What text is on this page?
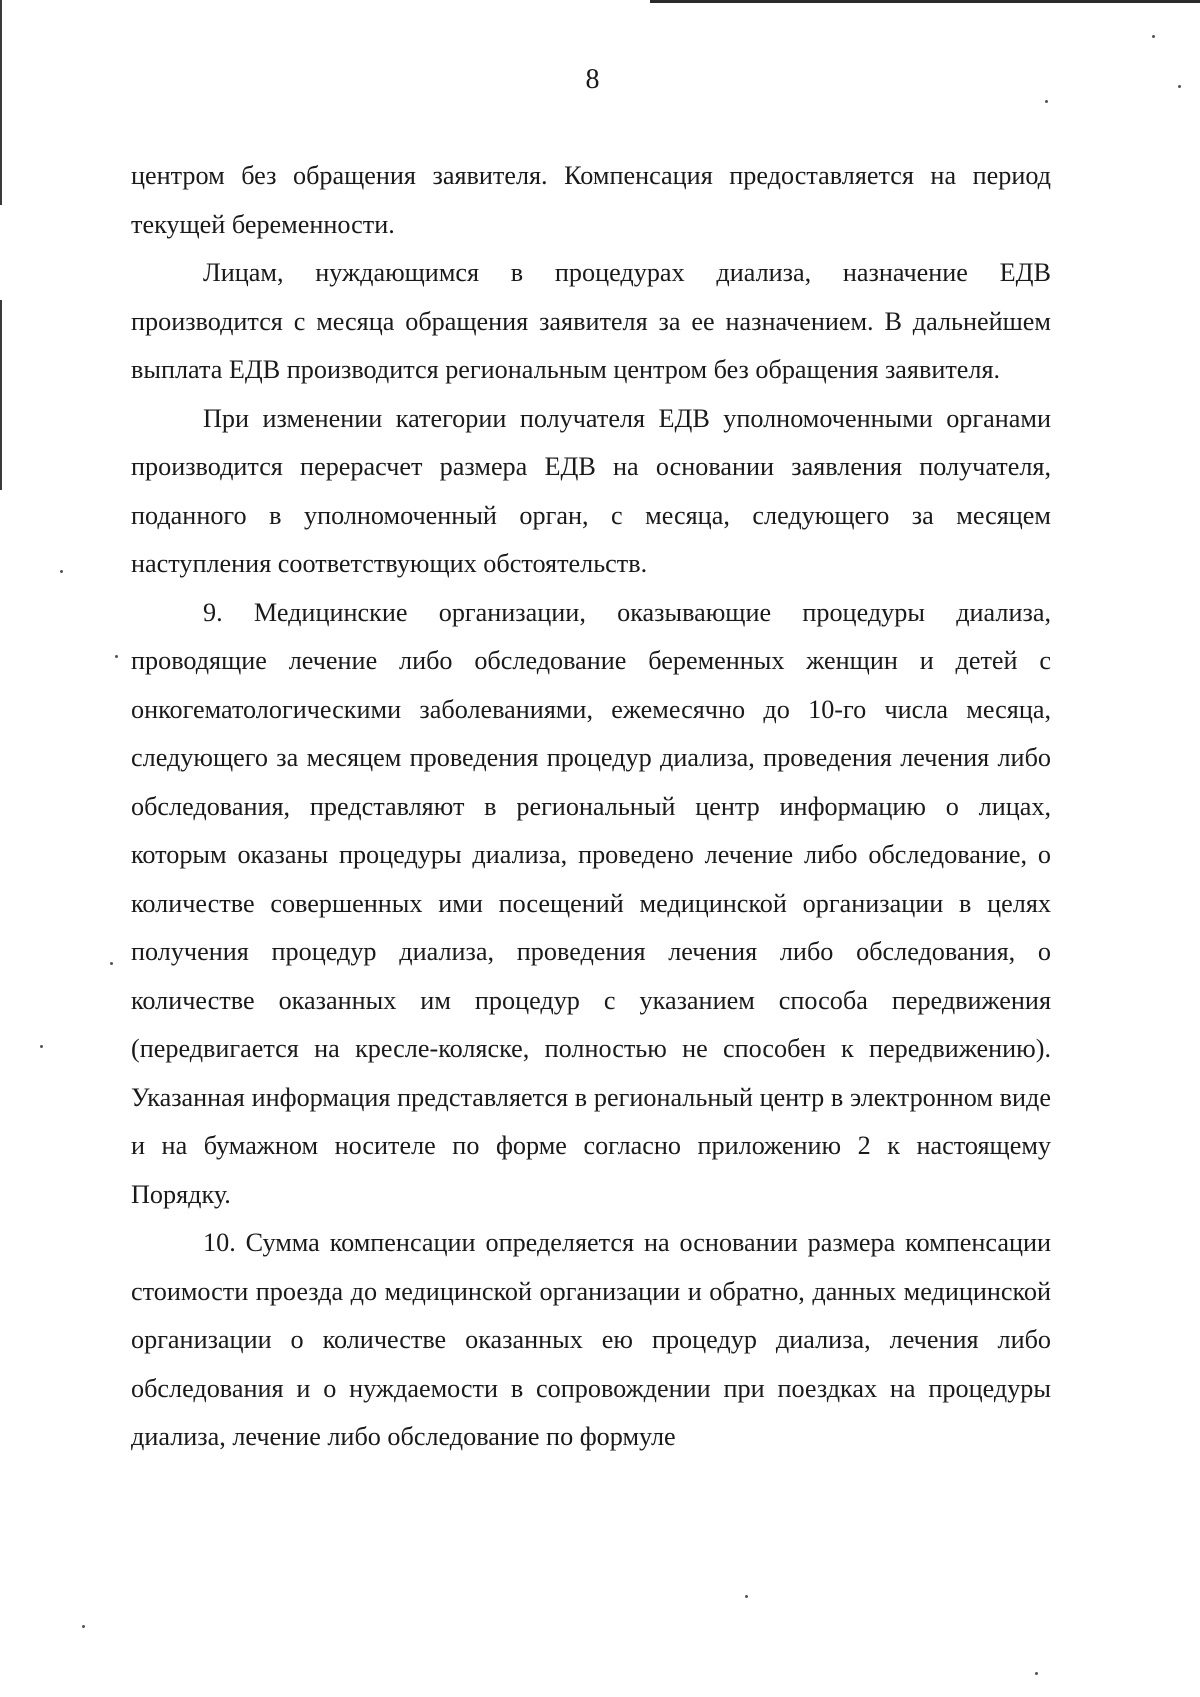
8

центром без обращения заявителя. Компенсация предоставляется на период текущей беременности.

Лицам, нуждающимся в процедурах диализа, назначение ЕДВ производится с месяца обращения заявителя за ее назначением. В дальнейшем выплата ЕДВ производится региональным центром без обращения заявителя.

При изменении категории получателя ЕДВ уполномоченными органами производится перерасчет размера ЕДВ на основании заявления получателя, поданного в уполномоченный орган, с месяца, следующего за месяцем наступления соответствующих обстоятельств.

9. Медицинские организации, оказывающие процедуры диализа, проводящие лечение либо обследование беременных женщин и детей с онкогематологическими заболеваниями, ежемесячно до 10-го числа месяца, следующего за месяцем проведения процедур диализа, проведения лечения либо обследования, представляют в региональный центр информацию о лицах, которым оказаны процедуры диализа, проведено лечение либо обследование, о количестве совершенных ими посещений медицинской организации в целях получения процедур диализа, проведения лечения либо обследования, о количестве оказанных им процедур с указанием способа передвижения (передвигается на кресле-коляске, полностью не способен к передвижению). Указанная информация представляется в региональный центр в электронном виде и на бумажном носителе по форме согласно приложению 2 к настоящему Порядку.

10. Сумма компенсации определяется на основании размера компенсации стоимости проезда до медицинской организации и обратно, данных медицинской организации о количестве оказанных ею процедур диализа, лечения либо обследования и о нуждаемости в сопровождении при поездках на процедуры диализа, лечение либо обследование по формуле
